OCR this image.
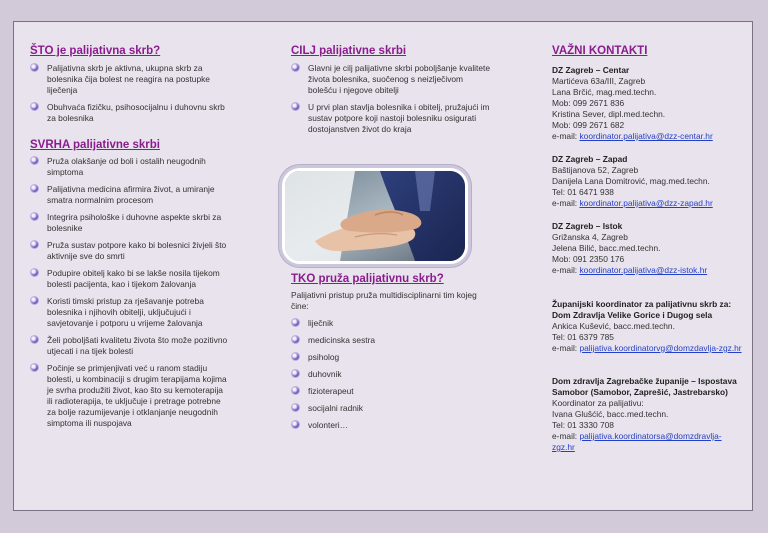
ŠTO je palijativna skrb?
Palijativna skrb je aktivna, ukupna skrb za bolesnika čija bolest ne reagira na postupke liječenja
Obuhvaća fizičku, psihosocijalnu i duhovnu skrb za bolesnika
SVRHA palijativne skrbi
Pruža olakšanje od boli i ostalih neugodnih simptoma
Palijativna medicina afirmira život, a umiranje smatra normalnim procesom
Integrira psihološke i duhovne aspekte skrbi za bolesnike
Pruža sustav potpore kako bi bolesnici živjeli što aktivnije sve do smrti
Podupire obitelj kako bi se lakše nosila tijekom bolesti pacijenta, kao i tijekom žalovanja
Koristi timski pristup za rješavanje potreba bolesnika i njihovih obitelji, uključujući i savjetovanje i potporu u vrijeme žalovanja
Želi poboljšati kvalitetu života što može pozitivno utjecati i na tijek bolesti
Počinje se primjenjivati već u ranom stadiju bolesti, u kombinaciji s drugim terapijama kojima je svrha produžiti život, kao što su kemoterapija ili radioterapija, te uključuje i pretrage potrebne za bolje razumijevanje i otklanjanje neugodnih simptoma ili nuspojava
CILJ palijativne skrbi
Glavni je cilj palijativne skrbi poboljšanje kvalitete života bolesnika, suočenog s neizlječivom bolešću i njegove obitelji
U prvi plan stavlja bolesnika i obitelj, pružajući im sustav potpore koji nastoji bolesniku osigurati dostojanstven život do kraja
TKO pruža palijativnu skrb?

Palijativni pristup pruža multidisciplinarni tim kojeg čine:

liječnik
medicinska sestra
psiholog
duhovnik
fizioterapeut
socijalni radnik
volonteri…
VAŽNI KONTAKTI

DZ Zagreb – Centar

Martićeva 63a/III, Zagreb

Lana Brčić, mag.med.techn.

Mob: 099 2671 836

Kristina Sever, dipl.med.techn.

Mob: 099 2671 682

e-mail: koordinator.palijativa@dzz-centar.hr

DZ Zagreb – Zapad

Baštijanova 52, Zagreb

Danijela Lana Domitrović, mag.med.techn.

Tel: 01 6471 938

e-mail: koordinator.palijativa@dzz-zapad.hr

DZ Zagreb – Istok

Grižanska 4, Zagreb

Jelena Bilić, bacc.med.techn.

Mob: 091 2350 176

e-mail: koordinator.palijativa@dzz-istok.hr

Županijski koordinator za palijativnu skrb za: Dom Zdravlja Velike Gorice i Dugog sela

Ankica Kušević, bacc.med.techn.

Tel: 01 6379 785

e-mail: palijativa.koordinatorvg@domzdavlja-zgz.hr

Dom zdravlja Zagrebačke županije – Ispostava Samobor (Samobor, Zaprešić, Jastrebarsko)

Koordinator za palijativu:

Ivana Glušćić, bacc.med.techn.

Tel: 01 3330 708

e-mail: palijativa.koordinatorsa@domzdravlja-zgz.hr
